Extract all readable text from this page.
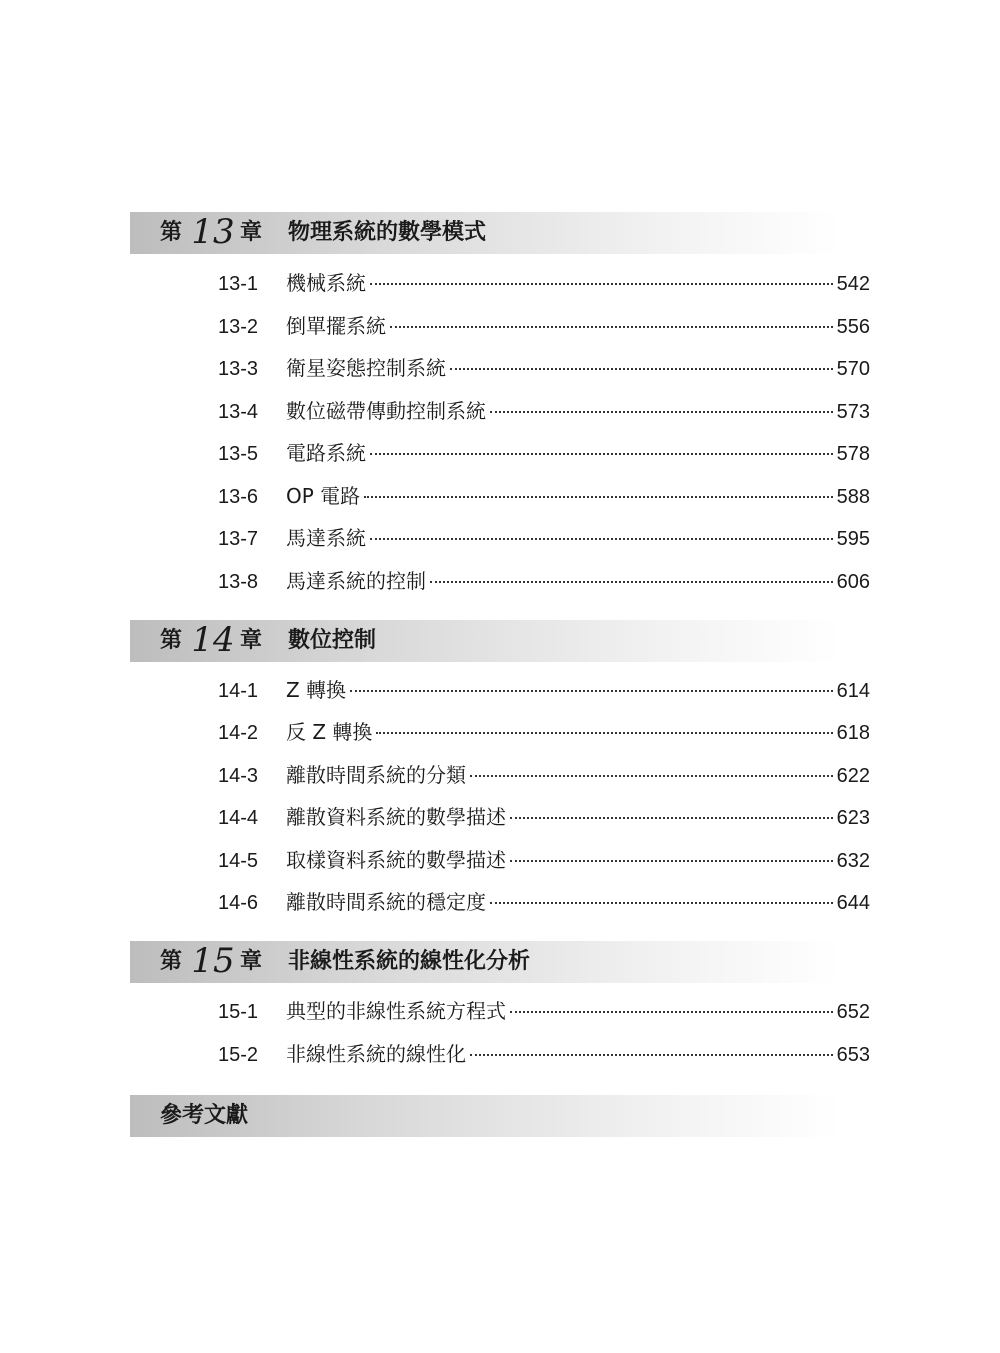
第 13 章 物理系統的數學模式
13-1	機械系統	542
13-2	倒單擺系統	556
13-3	衛星姿態控制系統	570
13-4	數位磁帶傳動控制系統	573
13-5	電路系統	578
13-6	OP 電路	588
13-7	馬達系統	595
13-8	馬達系統的控制	606
第 14 章 數位控制
14-1	Z 轉換	614
14-2	反 Z 轉換	618
14-3	離散時間系統的分類	622
14-4	離散資料系統的數學描述	623
14-5	取樣資料系統的數學描述	632
14-6	離散時間系統的穩定度	644
第 15 章 非線性系統的線性化分析
15-1	典型的非線性系統方程式	652
15-2	非線性系統的線性化	653
參考文獻
